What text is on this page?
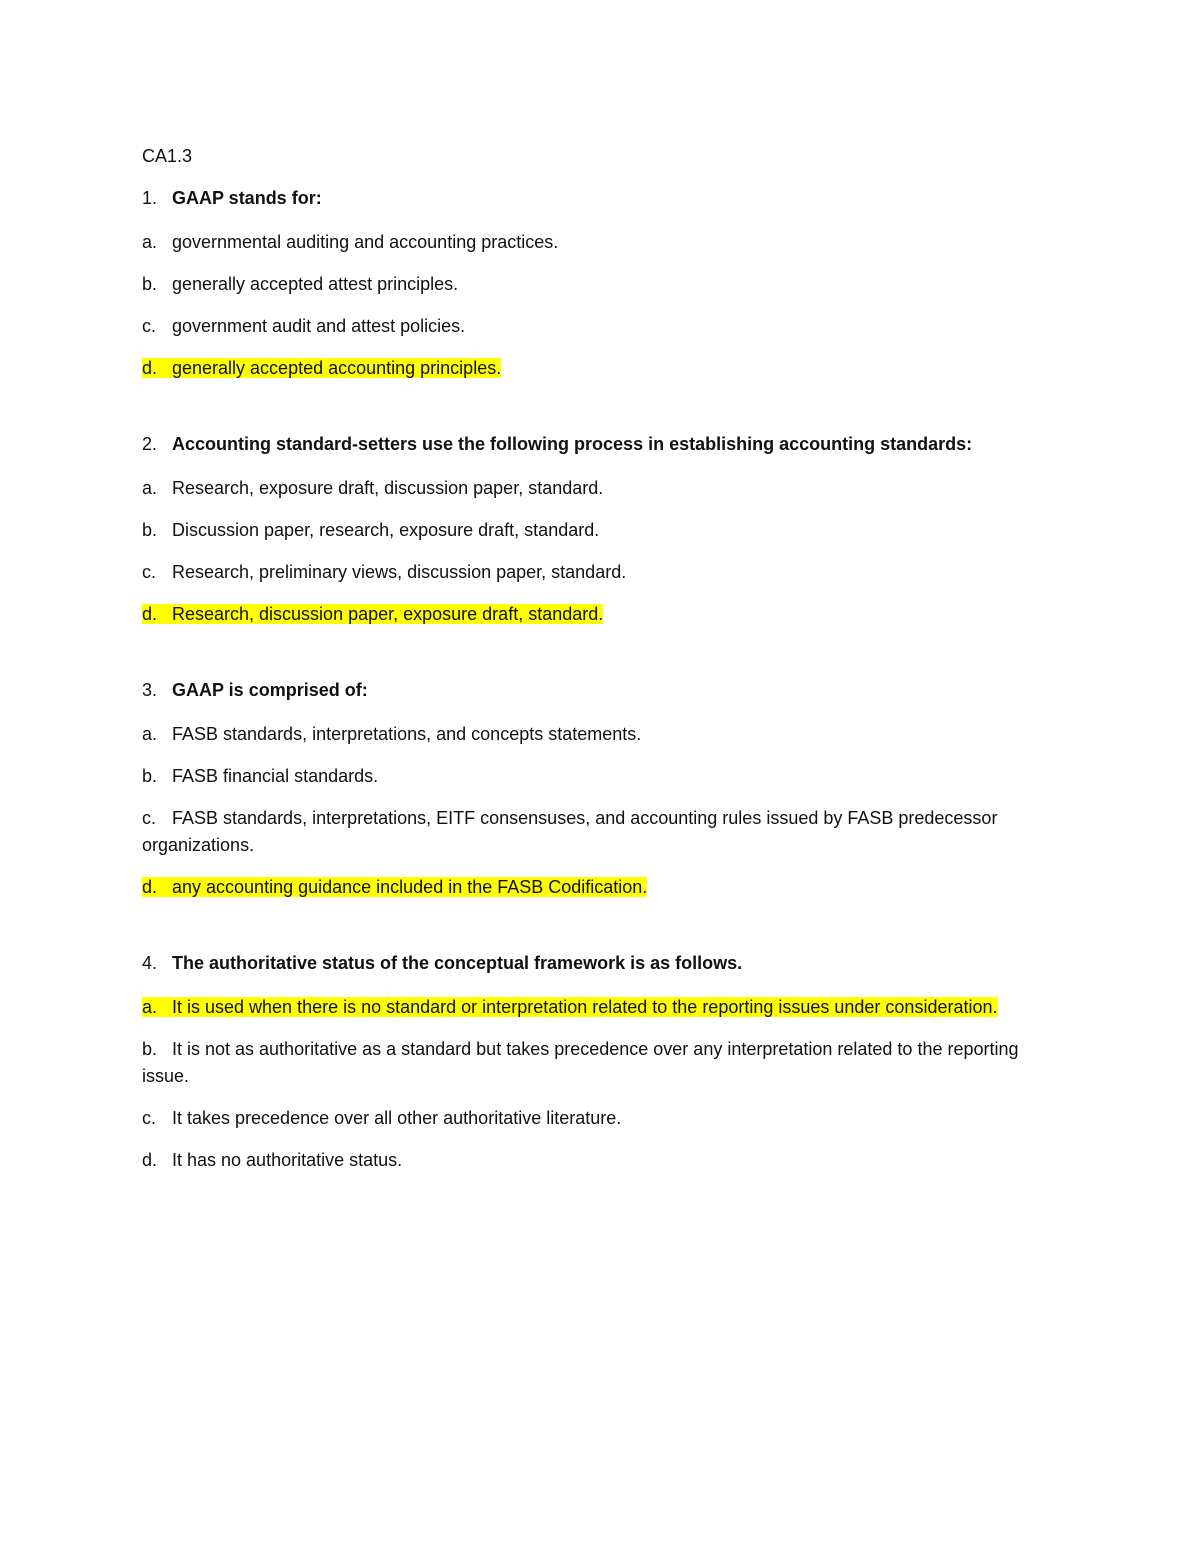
CA1.3
1. GAAP stands for:
a. governmental auditing and accounting practices.
b. generally accepted attest principles.
c. government audit and attest policies.
d. generally accepted accounting principles.
2. Accounting standard-setters use the following process in establishing accounting standards:
a. Research, exposure draft, discussion paper, standard.
b. Discussion paper, research, exposure draft, standard.
c. Research, preliminary views, discussion paper, standard.
d. Research, discussion paper, exposure draft, standard.
3. GAAP is comprised of:
a. FASB standards, interpretations, and concepts statements.
b. FASB financial standards.
c. FASB standards, interpretations, EITF consensuses, and accounting rules issued by FASB predecessor organizations.
d. any accounting guidance included in the FASB Codification.
4. The authoritative status of the conceptual framework is as follows.
a. It is used when there is no standard or interpretation related to the reporting issues under consideration.
b. It is not as authoritative as a standard but takes precedence over any interpretation related to the reporting issue.
c. It takes precedence over all other authoritative literature.
d. It has no authoritative status.
